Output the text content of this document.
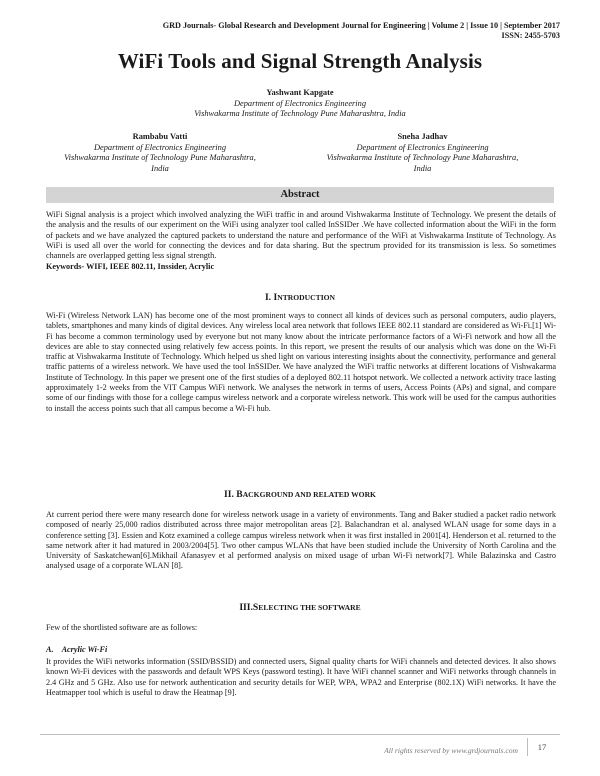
GRD Journals- Global Research and Development Journal for Engineering | Volume 2 | Issue 10 | September 2017
ISSN: 2455-5703
WiFi Tools and Signal Strength Analysis
Yashwant Kapgate
Department of Electronics Engineering
Vishwakarma Institute of Technology Pune Maharashtra, India
Rambabu Vatti
Department of Electronics Engineering
Vishwakarma Institute of Technology Pune Maharashtra,
India
Sneha Jadhav
Department of Electronics Engineering
Vishwakarma Institute of Technology Pune Maharashtra,
India
Abstract

WiFi Signal analysis is a project which involved analyzing the WiFi traffic in and around Vishwakarma Institute of Technology. We present the details of the analysis and the results of our experiment on the WiFi using analyzer tool called InSSIDer .We have collected information about the WiFi in the form of packets and we have analyzed the captured packets to understand the nature and performance of the WiFi at Vishwakarma Institute of Technology. As WiFi is used all over the world for connecting the devices and for data sharing. But the spectrum provided for its transmission is less. So sometimes channels are overlapped getting less signal strength.

Keywords- WIFI, IEEE 802.11, Inssider, Acrylic

I. INTRODUCTION

Wi-Fi (Wireless Network LAN) has become one of the most prominent ways to connect all kinds of devices such as personal computers, audio players, tablets, smartphones and many kinds of digital devices. Any wireless local area network that follows IEEE 802.11 standard are considered as Wi-Fi.[1] Wi-Fi has become a common terminology used by everyone but not many know about the intricate performance factors of a Wi-Fi network and how all the devices are able to stay connected using relatively few access points. In this report, we present the results of our analysis which was done on the Wi-Fi traffic at Vishwakarma Institute of Technology. Which helped us shed light on various interesting insights about the connectivity, performance and general traffic patterns of a wireless network. We have used the tool InSSIDer. We have analyzed the WiFi traffic networks at different locations of Vishwakarma Institute of Technology. In this paper we present one of the first studies of a deployed 802.11 hotspot network. We collected a network activity trace lasting approximately 1-2 weeks from the VIT Campus WiFi network. We analyses the network in terms of users, Access Points (APs) and signal, and compare some of our findings with those for a college campus wireless network and a corporate wireless network. This work will be used for the campus authorities to install the access points such that all campus become a Wi-Fi hub.

II. BACKGROUND AND RELATED WORK

At current period there were many research done for wireless network usage in a variety of environments. Tang and Baker studied a packet radio network composed of nearly 25,000 radios distributed across three major metropolitan areas [2]. Balachandran et al. analysed WLAN usage for some days in a conference setting [3]. Essien and Kotz examined a college campus wireless network when it was first installed in 2001[4]. Henderson et al. returned to the same network after it had matured in 2003/2004[5]. Two other campus WLANs that have been studied include the University of North Carolina and the University of Saskatchewan[6].Mikhail Afanasyev et al performed analysis on mixed usage of urban Wi-Fi network[7]. While Balazinska and Castro analysed usage of a corporate WLAN [8].

III.SELECTING THE SOFTWARE

Few of the shortlisted software are as follows:

A. Acrylic Wi-Fi

It provides the WiFi networks information (SSID/BSSID) and connected users, Signal quality charts for WiFi channels and detected devices. It also shows known Wi-Fi devices with the passwords and default WPS Keys (password testing). It have WiFi channel scanner and WiFi networks through channels in 2.4 GHz and 5 GHz. Also use for network authentication and security details for WEP, WPA, WPA2 and Enterprise (802.1X) WiFi networks. It have the Heatmapper tool which is useful to draw the Heatmap [9].

All rights reserved by www.grdjournals.com	17
